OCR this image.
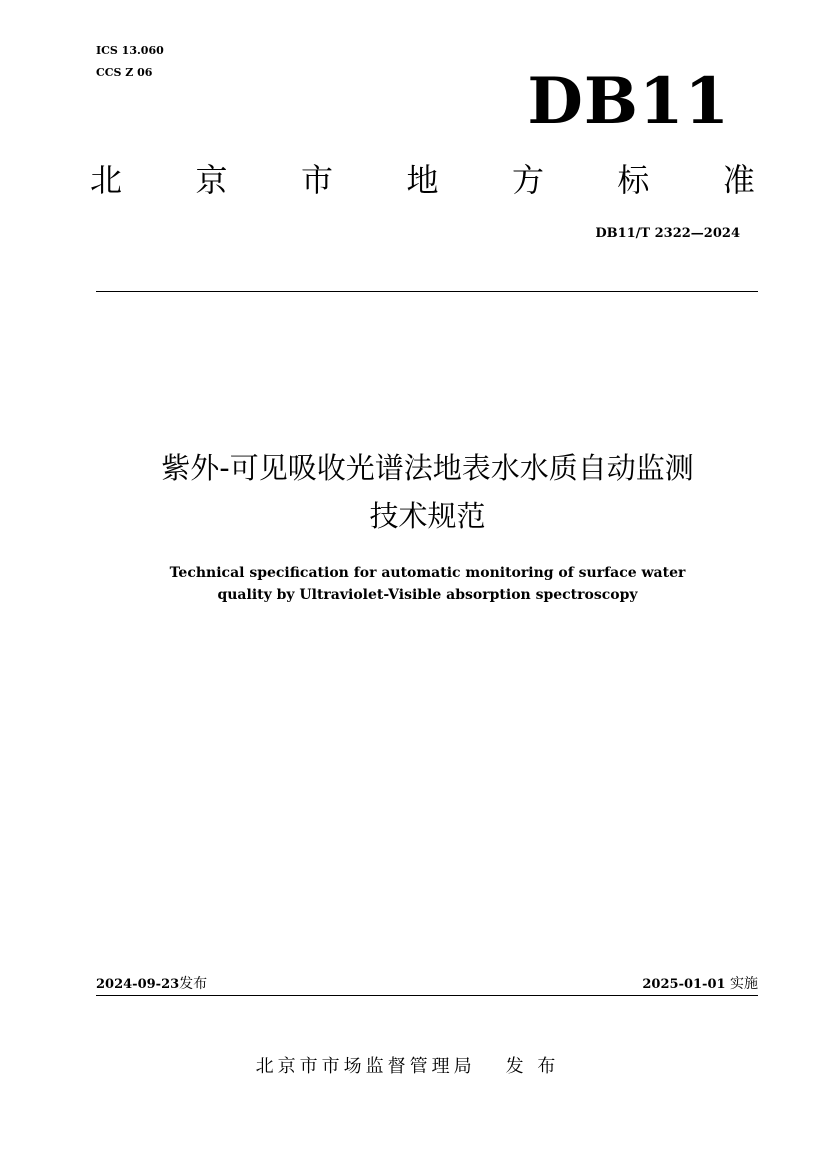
ICS 13.060
CCS Z 06	DB11
北 京 市 地 方 标 准
DB11/T 2322—2024
紫外-可见吸收光谱法地表水水质自动监测
技术规范
Technical specification for automatic monitoring of surface water
quality by Ultraviolet-Visible absorption spectroscopy
2024-09-23发布	2025-01-01 实施
北京市市场监督管理局 发 布
